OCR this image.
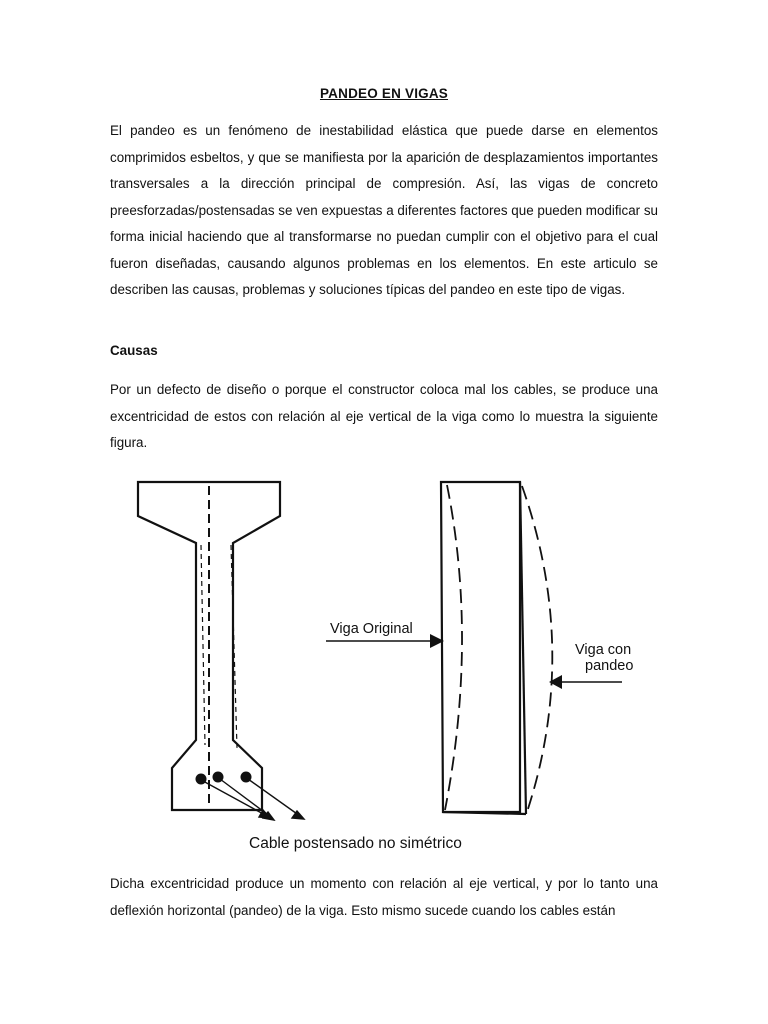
PANDEO EN VIGAS

El pandeo es un fenómeno de inestabilidad elástica que puede darse en elementos comprimidos esbeltos, y que se manifiesta por la aparición de desplazamientos importantes transversales a la dirección principal de compresión. Así, las vigas de concreto preesforzadas/postensadas se ven expuestas a diferentes factores que pueden modificar su forma inicial haciendo que al transformarse no puedan cumplir con el objetivo para el cual fueron diseñadas, causando algunos problemas en los elementos. En este articulo se describen las causas, problemas y soluciones típicas del pandeo en este tipo de vigas.

Causas

Por un defecto de diseño o porque el constructor coloca mal los cables, se produce una excentricidad de estos con relación al eje vertical de la viga como lo muestra la siguiente figura.

Cable postensado no simétrico
Viga Original
Viga con
pandeo

Dicha excentricidad produce un momento con relación al eje vertical, y por lo tanto una deflexión horizontal (pandeo) de la viga. Esto mismo sucede cuando los cables están
